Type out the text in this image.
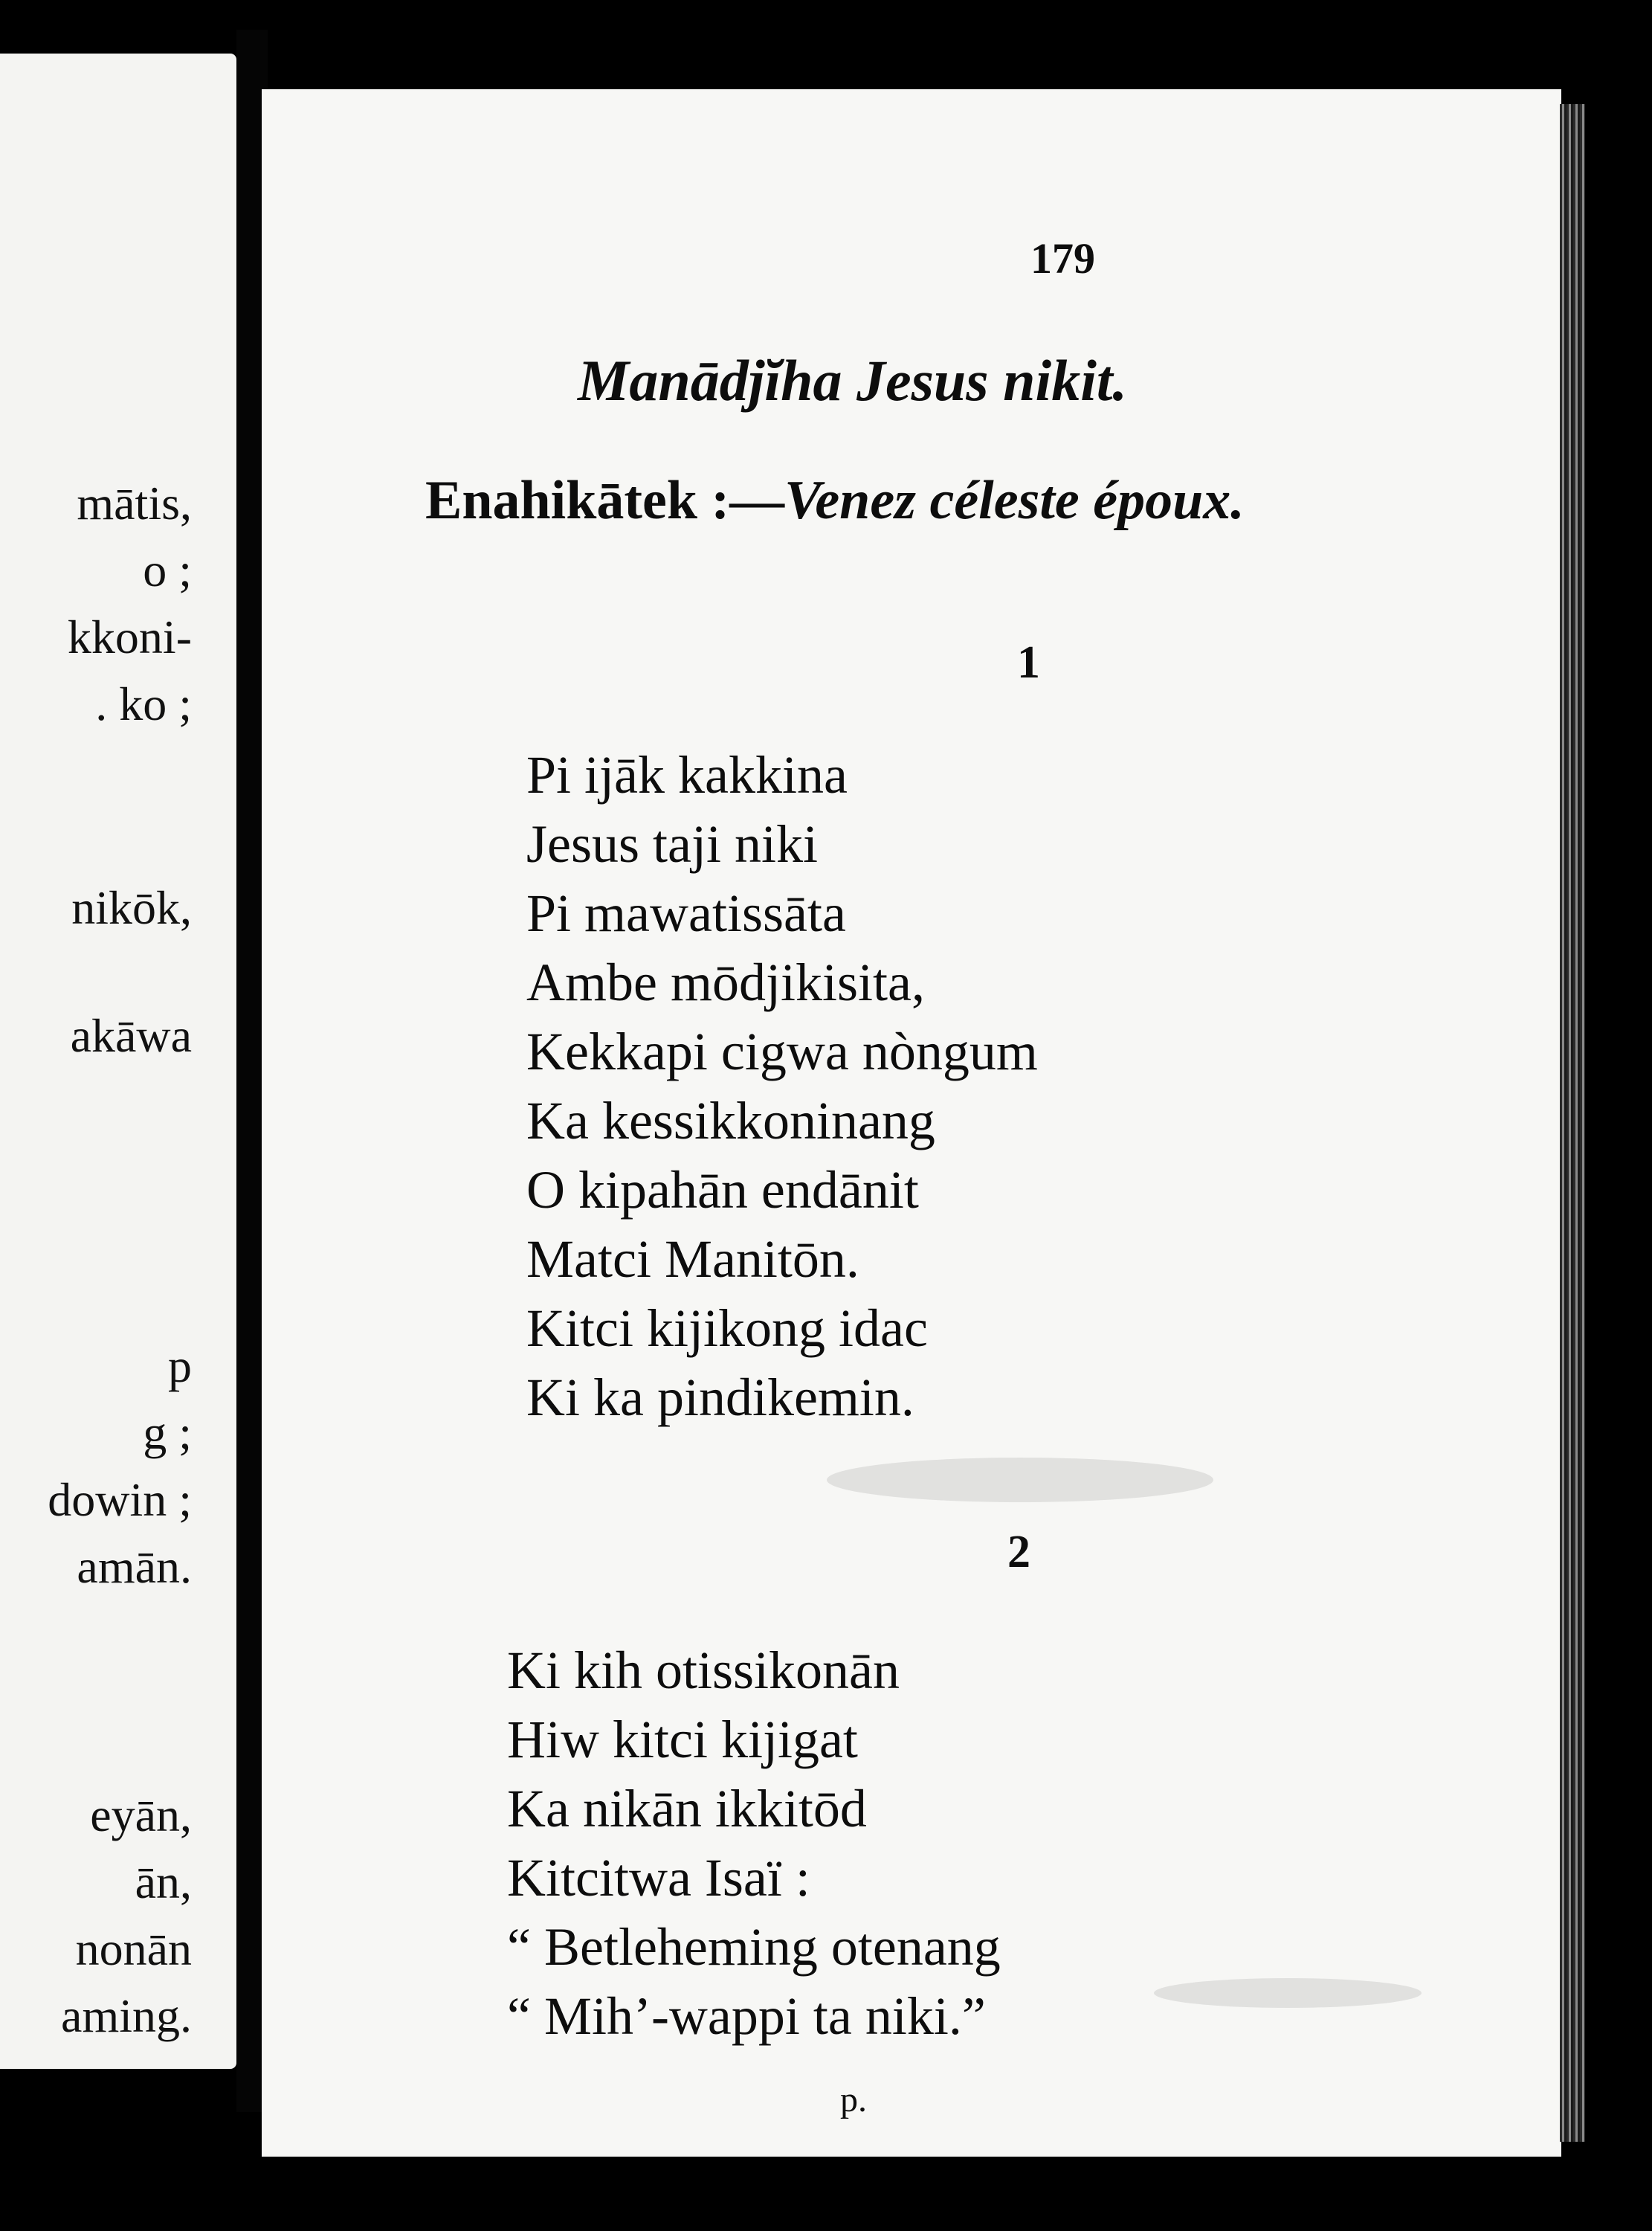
mātis,
o ;
kkoni-
. ko ;
nikōk,
akāwa
p
g ;
dowin ;
amān.
eyān,
ān,
nonān
aming.
179
Manādjĭha Jesus nikit.
Enahikātek :—Venez céleste époux.
1
Pi ijāk kakkina
Jesus taji niki
Pi mawatissāta
Ambe mōdjikisita,
Kekkapi cigwa nòngum
Ka kessikkoninang
O kipahān endānit
Matci Manitōn.
Kitci kijikong idac
Ki ka pindikemin.
2
Ki kih otissikonān
Hiw kitci kijigat
Ka nikān ikkitōd
Kitcitwa Isaï :
“ Betleheming otenang
“ Mih’-wappi ta niki.”
p.
